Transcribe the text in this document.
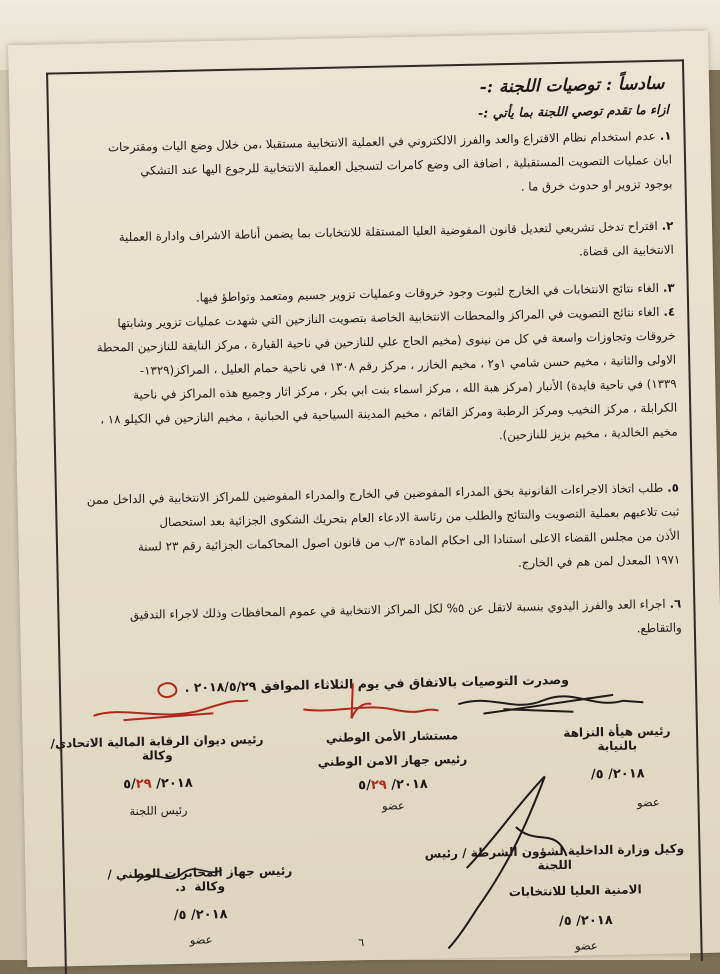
سادساً : توصيات اللجنة :-
ازاء ما تقدم توصي اللجنة بما يأتي :-
١.عدم استخدام نظام الاقتراع والعد والفرز الالكتروني في العملية الانتخابية مستقبلا ،من خلال وضع اليات ومقترحات
ابان عمليات التصويت المستقبلية , اضافة الى وضع كامرات لتسجيل العملية الانتخابية للرجوع اليها عند التشكي
بوجود تزوير او حدوث خرق ما .
٢.اقتراح تدخل تشريعي لتعديل قانون المفوضية العليا المستقلة للانتخابات بما يضمن أناطة الاشراف وادارة العملية
الانتخابية الى قضاة.
٣.الغاء نتائج الانتخابات في الخارج لثبوت وجود خروقات وعمليات تزوير جسيم ومتعمد وتواطؤ فيها.
٤.الغاء نتائج التصويت في المراكز والمحطات الانتخابية الخاصة بتصويت النازحين التي شهدت عمليات تزوير وشابتها
خروقات وتجاوزات واسعة في كل من نينوى (مخيم الحاج علي للنازحين في ناحية القيارة ، مركز النايفة للنازحين المحطة
الاولى والثانية ، مخيم حسن شامي ١و٢ ، مخيم الخازر ، مركز رقم ١٣٠٨ في ناحية حمام العليل ، المراكز(١٣٢٩-
١٣٣٩) في ناحية فايدة) الأنبار (مركز هبة الله ، مركز اسماء بنت ابي بكر ، مركز اثار وجميع هذه المراكز في ناحية
الكرابلة ، مركز النخيب ومركز الرطبة ومركز القائم ، مخيم المدينة السياحية في الحبانية ، مخيم النازحين في الكيلو ١٨ ،
مخيم الخالدية ، مخيم بزيز للنازحين).
٥.طلب اتخاذ الاجراءات القانونية بحق المدراء المفوضين في الخارج والمدراء المفوضين للمراكز الانتخابية في الداخل ممن
ثبت تلاعبهم بعملية التصويت والنتائج والطلب من رئاسة الادعاء العام بتحريك الشكوى الجزائية بعد استحصال
الأذن من مجلس القضاء الاعلى استنادا الى احكام المادة ٣/ب من قانون اصول المحاكمات الجزائية رقم ٢٣ لسنة
١٩٧١ المعدل لمن هم في الخارج.
٦.اجراء العد والفرز اليدوي بنسبة لاتقل عن ٥% لكل المراكز الانتخابية في عموم المحافظات وذلك لاجراء التدقيق
والتقاطع.
وصدرت التوصيات بالاتفاق في يوم الثلاثاء الموافق ٢٠١٨/٥/٢٩ .
رئيس هيأة النزاهة بالنيابة
٢٠١٨/ ٥/
عضو
مستشار الأمن الوطني
رئيس جهاز الامن الوطني
٢٠١٨/ ٥/٢٩
عضو
رئيس ديوان الرقابة المالية الاتحادي/وكالة
٢٠١٨/ ٥/٢٩
رئيس اللجنة
وكيل وزارة الداخلية لشؤون الشرطة / رئيس اللجنة
الامنية العليا للانتخابات
٢٠١٨/ ٥/
عضو
رئيس جهاز المخابرات الوطني /وكالة  د.
٢٠١٨/ ٥/
عضو	٦
